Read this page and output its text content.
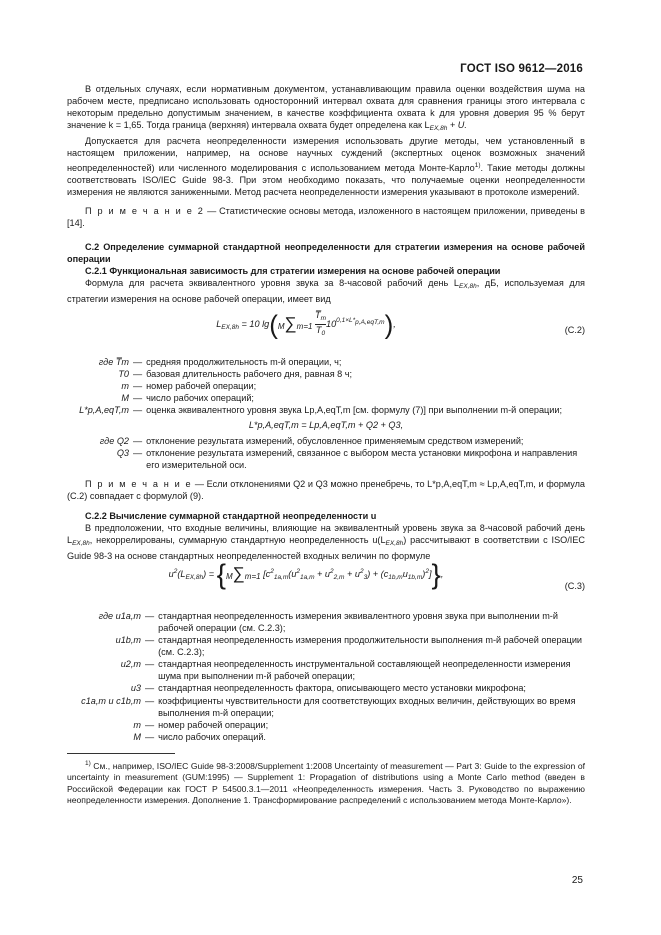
ГОСТ ISO 9612—2016

В отдельных случаях, если нормативным документом, устанавливающим правила оценки воздействия шума на рабочем месте, предписано использовать односторонний интервал охвата для сравнения границы этого интервала с некоторым предельно допустимым значением, в качестве коэффициента охвата k для уровня доверия 95 % берут значение k = 1,65. Тогда граница (верхняя) интервала охвата будет определена как $L_{EX,8h} + U$.

Допускается для расчета неопределенности измерения использовать другие методы, чем установленный в настоящем приложении, например, на основе научных суждений (экспертных оценок возможных значений неопределенностей) или численного моделирования с использованием метода Монте-Карло$^{1)}$. Такие методы должны соответствовать ISO/IEC Guide 98-3. При этом необходимо показать, что получаемые оценки неопределенности измерения не являются заниженными. Метод расчета неопределенности измерения указывают в протоколе измерений.

П р и м е ч а н и е 2 — Статистические основы метода, изложенного в настоящем приложении, приведены в [14].

С.2 Определение суммарной стандартной неопределенности для стратегии измерения на основе рабочей операции

С.2.1 Функциональная зависимость для стратегии измерения на основе рабочей операции

Формула для расчета эквивалентного уровня звука за 8-часовой рабочий день $L_{EX,8h}$, дБ, используемая для стратегии измерения на основе рабочей операции, имеет вид

$L_{EX,8h} = 10$ $\lg(M\sum m=1 \frac{T̅_m}{T_0} 10^{0,1\times L*_{p,A,eqT,m}})$,
(С.2)
где T̅m — средняя продолжительность m-й операции, ч;
T0 — базовая длительность рабочего дня, равная 8 ч;
m — номер рабочей операции;
M — число рабочих операций;
L*p,A,eqT,m — оценка эквивалентного уровня звука Lp,A,eqT,m [см. формулу (7)] при выполнении m-й операции;

L*p,A,eqT,m = Lp,A,eqT,m + Q2 + Q3,

где Q2 — отклонение результата измерений, обусловленное применяемым средством измерений;
Q3 — отклонение результата измерений, связанное с выбором места установки микрофона и направления его измерительной оси.

П р и м е ч а н и е — Если отклонениями Q2 и Q3 можно пренебречь, то L*p,A,eqT,m ≈ Lp,A,eqT,m, и формула (С.2) совпадает с формулой (9).

С.2.2 Вычисление суммарной стандартной неопределенности u

В предположении, что входные величины, влияющие на эквивалентный уровень звука за 8-часовой рабочий день $L_{EX,8h}$, некоррелированы, суммарную стандартную неопределенность $u(L_{EX,8h})$ рассчитывают в соответствии с ISO/IEC Guide 98-3 на основе стандартных неопределенностей входных величин по формуле

$u^2(L_{EX,8h}) = \{M\sum m=1$ $[c^2_{1a,m}(u^2_{1a,m} + u^2_{2,m} + u^2_3) + (c_{1b,m}u_{1b,m})^2]$},
(С.3)
где u1a,m — стандартная неопределенность измерения эквивалентного уровня звука при выполнении m-й рабочей операции (см. С.2.3);
u1b,m — стандартная неопределенность измерения продолжительности выполнения m-й рабочей операции (см. С.2.3);
u2,m — стандартная неопределенность инструментальной составляющей неопределенности измерения шума при выполнении m-й рабочей операции;
u3 — стандартная неопределенность фактора, описывающего место установки микрофона;
c1a,m и c1b,m — коэффициенты чувствительности для соответствующих входных величин, действующих во время выполнения m-й операции;
m — номер рабочей операции;
M — число рабочих операций.

$^{1)}$ См., например, ISO/IEC Guide 98-3:2008/Supplement 1:2008 Uncertainty of measurement — Part 3: Guide to the expression of uncertainty in measurement (GUM:1995) — Supplement 1: Propagation of distributions using a Monte Carlo method (введен в Российской Федерации как ГОСТ Р 54500.3.1—2011 «Неопределенность измерения. Часть 3. Руководство по выражению неопределенности измерения. Дополнение 1. Трансформирование распределений с использованием метода Монте-Карло»).

25
